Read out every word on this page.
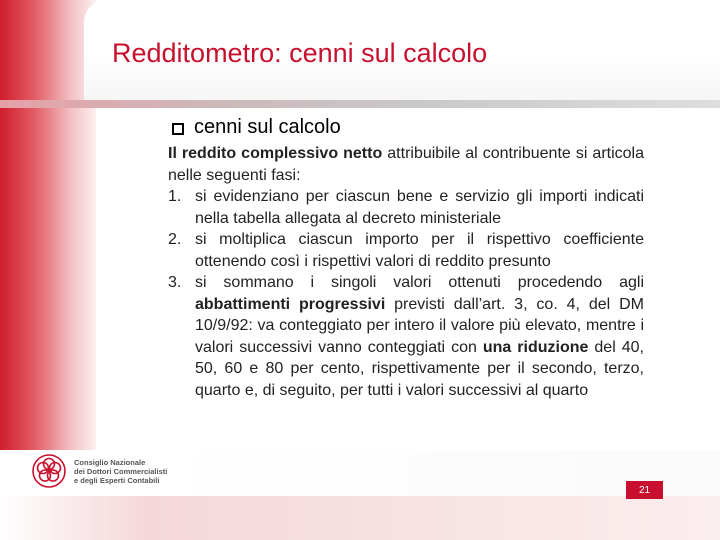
Redditometro: cenni sul calcolo
cenni sul calcolo

Il reddito complessivo netto attribuibile al contribuente si articola nelle seguenti fasi:

1. si evidenziano per ciascun bene e servizio gli importi indicati nella tabella allegata al decreto ministeriale
2. si moltiplica ciascun importo per il rispettivo coefficiente ottenendo così i rispettivi valori di reddito presunto
3. si sommano i singoli valori ottenuti procedendo agli abbattimenti progressivi previsti dall’art. 3, co. 4, del DM 10/9/92: va conteggiato per intero il valore più elevato, mentre i valori successivi vanno conteggiati con una riduzione del 40, 50, 60 e 80 per cento, rispettivamente per il secondo, terzo, quarto e, di seguito, per tutti i valori successivi al quarto
Consiglio Nazionale
dei Dottori Commercialisti
e degli Esperti Contabili
21
